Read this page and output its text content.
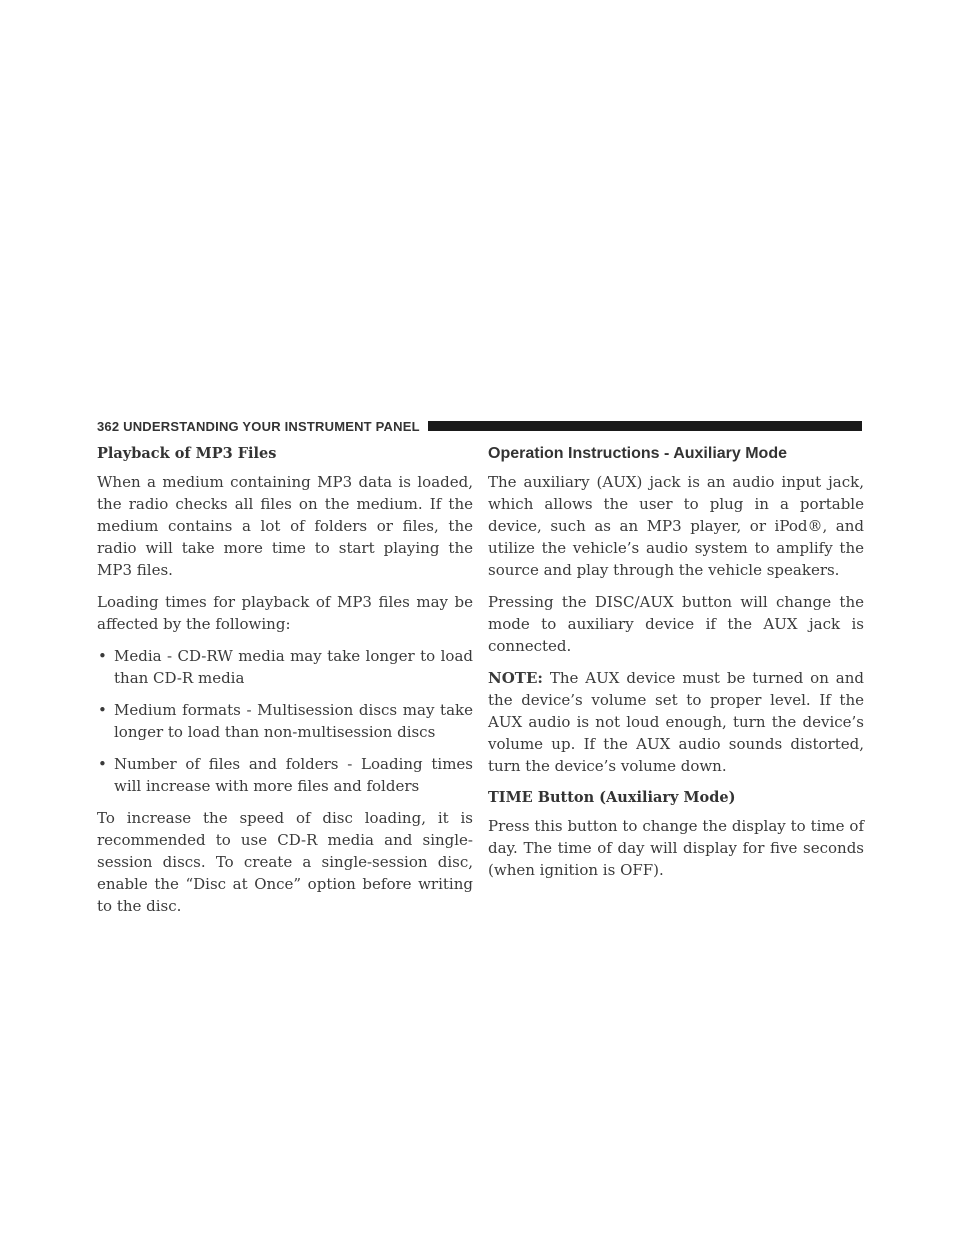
362 UNDERSTANDING YOUR INSTRUMENT PANEL
Playback of MP3 Files

When a medium containing MP3 data is loaded, the radio checks all files on the medium. If the medium contains a lot of folders or files, the radio will take more time to start playing the MP3 files.

Loading times for playback of MP3 files may be affected by the following:

• Media - CD-RW media may take longer to load than CD-R media
• Medium formats - Multisession discs may take longer to load than non-multisession discs
• Number of files and folders - Loading times will increase with more files and folders

To increase the speed of disc loading, it is recommended to use CD-R media and single-session discs. To create a single-session disc, enable the “Disc at Once” option before writing to the disc.

Operation Instructions - Auxiliary Mode

The auxiliary (AUX) jack is an audio input jack, which allows the user to plug in a portable device, such as an MP3 player, or iPod®, and utilize the vehicle’s audio system to amplify the source and play through the vehicle speakers.

Pressing the DISC/AUX button will change the mode to auxiliary device if the AUX jack is connected.

NOTE: The AUX device must be turned on and the device’s volume set to proper level. If the AUX audio is not loud enough, turn the device’s volume up. If the AUX audio sounds distorted, turn the device’s volume down.

TIME Button (Auxiliary Mode)

Press this button to change the display to time of day. The time of day will display for five seconds (when ignition is OFF).
